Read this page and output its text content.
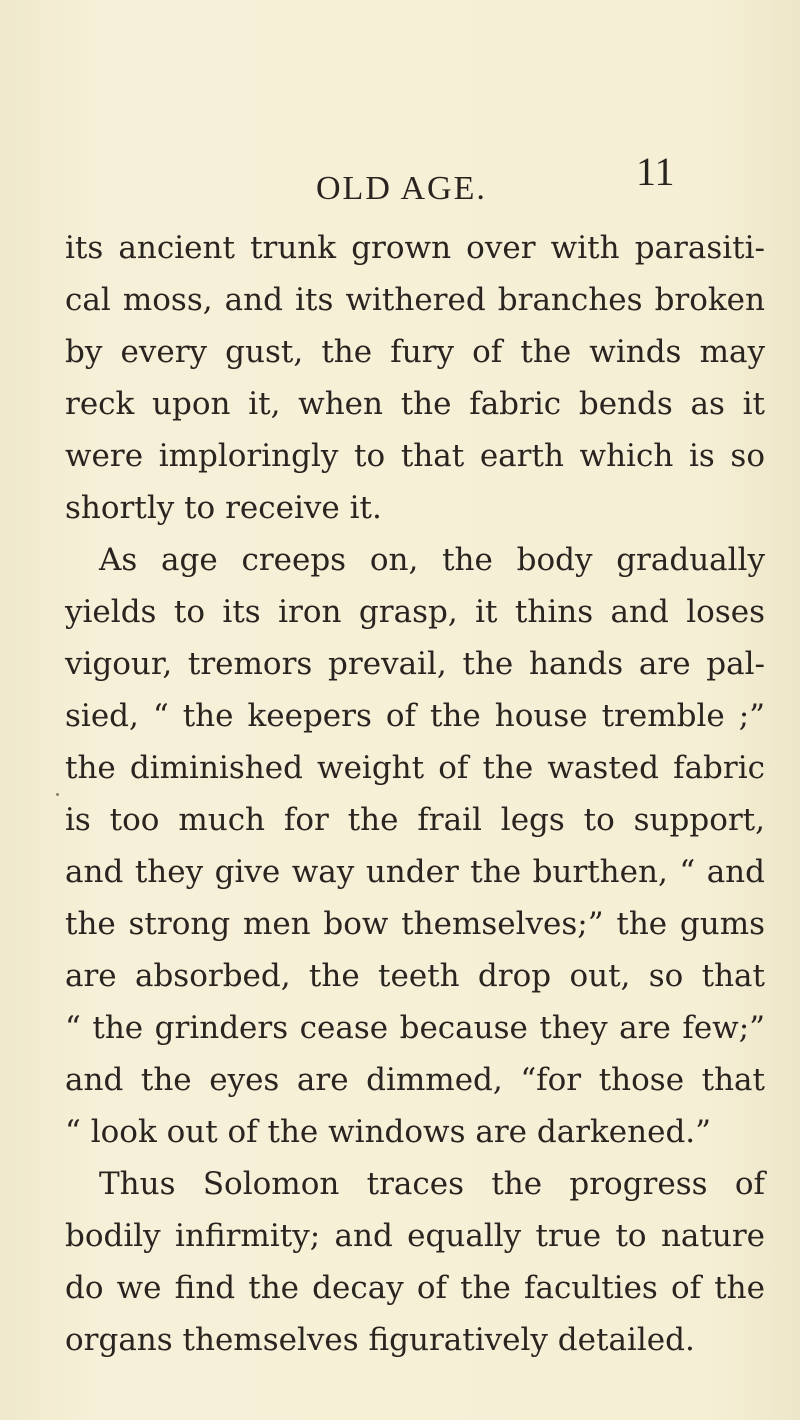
OLD AGE.	11
its ancient trunk grown over with parasiti-
cal moss, and its withered branches broken
by every gust, the fury of the winds may
reck upon it, when the fabric bends as it
were imploringly to that earth which is so
shortly to receive it.
As age creeps on, the body gradually
yields to its iron grasp, it thins and loses
vigour, tremors prevail, the hands are pal-
sied, “ the keepers of the house tremble ;”
the diminished weight of the wasted fabric
is too much for the frail legs to support,
and they give way under the burthen, “ and
the strong men bow themselves;” the gums
are absorbed, the teeth drop out, so that
“ the grinders cease because they are few;”
and the eyes are dimmed, “for those that
“ look out of the windows are darkened.”
Thus Solomon traces the progress of
bodily infirmity; and equally true to nature
do we find the decay of the faculties of the
organs themselves figuratively detailed.
